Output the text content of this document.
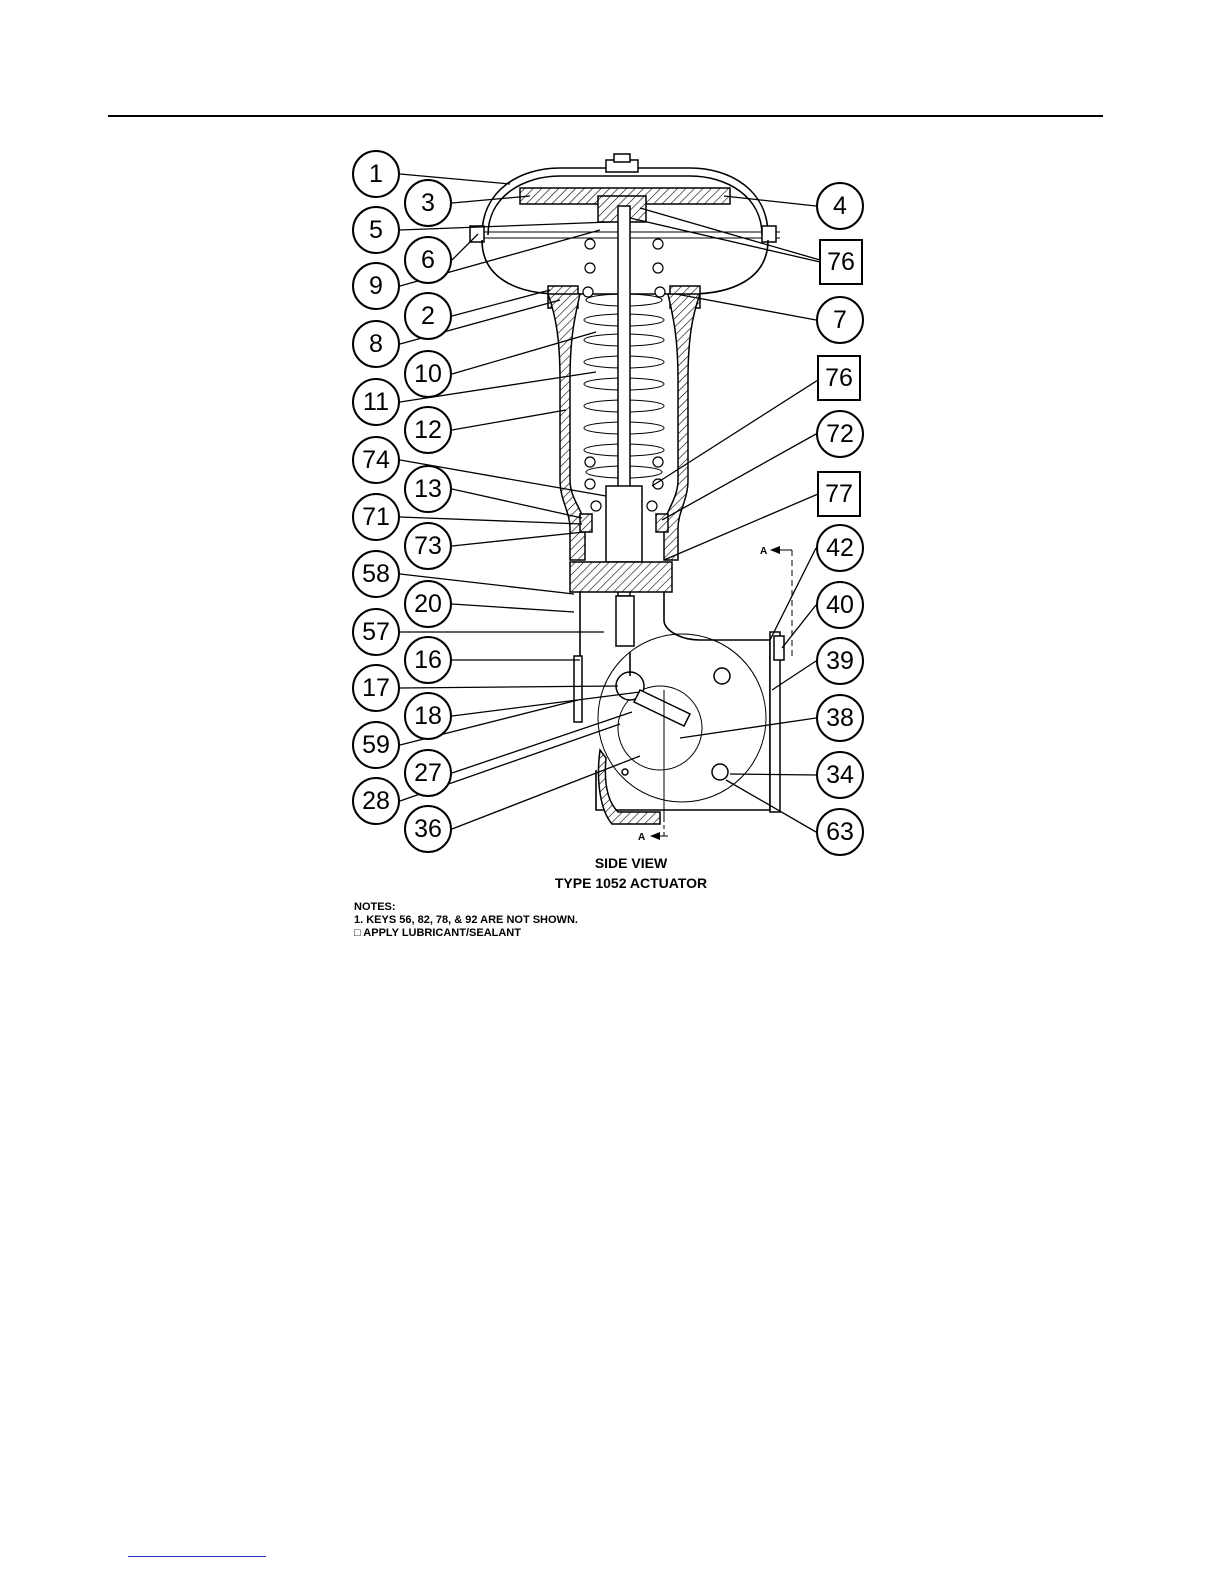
A
A
1
3
5
6
9
2
8
10
11
12
74
13
71
73
58
20
57
16
17
18
59
27
28
36
4
76
7
76
72
77
42
40
39
38
34
63
SIDE VIEW
TYPE 1052 ACTUATOR
NOTES:
1. KEYS 56, 82, 78, & 92 ARE NOT SHOWN.
□ APPLY LUBRICANT/SEALANT
